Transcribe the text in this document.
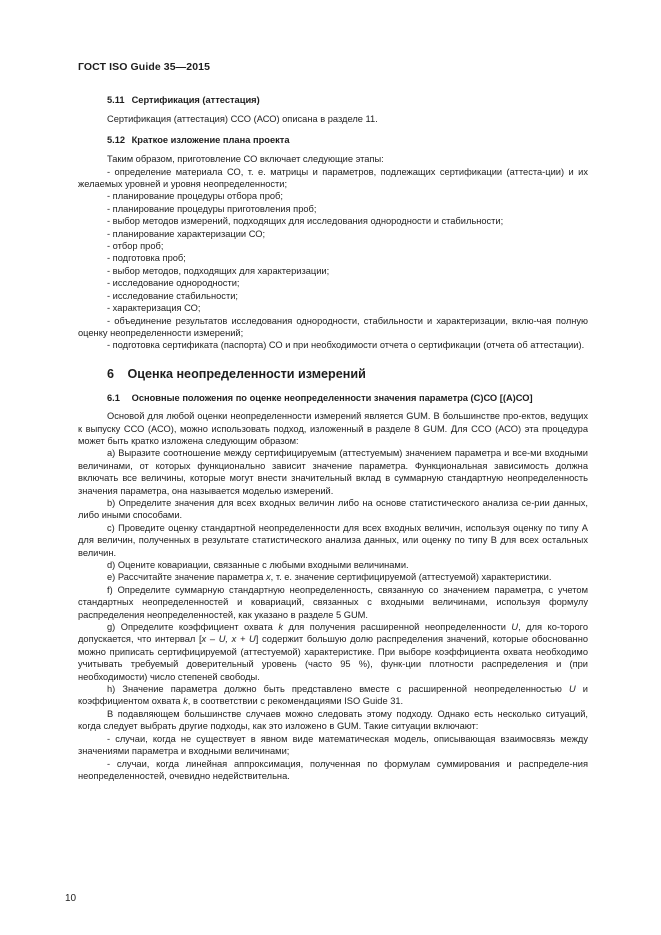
ГОСТ ISO Guide 35—2015

5.11 Сертификация (аттестация)

Сертификация (аттестация) ССО (АСО) описана в разделе 11.

5.12 Краткое изложение плана проекта

Таким образом, приготовление СО включает следующие этапы:

- определение материала СО, т. е. матрицы и параметров, подлежащих сертификации (аттеста-ции) и их желаемых уровней и уровня неопределенности;

- планирование процедуры отбора проб;

- планирование процедуры приготовления проб;

- выбор методов измерений, подходящих для исследования однородности и стабильности;

- планирование характеризации СО;

- отбор проб;

- подготовка проб;

- выбор методов, подходящих для характеризации;

- исследование однородности;

- исследование стабильности;

- характеризация СО;

- объединение результатов исследования однородности, стабильности и характеризации, вклю-чая полную оценку неопределенности измерений;

- подготовка сертификата (паспорта) СО и при необходимости отчета о сертификации (отчета об аттестации).

6 Оценка неопределенности измерений

6.1 Основные положения по оценке неопределенности значения параметра (С)СО [(А)СО]

Основой для любой оценки неопределенности измерений является GUM. В большинстве про-ектов, ведущих к выпуску ССО (АСО), можно использовать подход, изложенный в разделе 8 GUM. Для ССО (АСО) эта процедура может быть кратко изложена следующим образом:

а) Выразите соотношение между сертифицируемым (аттестуемым) значением параметра и все-ми входными величинами, от которых функционально зависит значение параметра. Функциональная зависимость должна включать все величины, которые могут внести значительный вклад в суммарную стандартную неопределенность значения параметра, она называется моделью измерений.

b) Определите значения для всех входных величин либо на основе статистического анализа се-рии данных, либо иными способами.

с) Проведите оценку стандартной неопределенности для всех входных величин, используя оценку по типу А для величин, полученных в результате статистического анализа данных, или оценку по типу В для всех остальных величин.

d) Оцените ковариации, связанные с любыми входными величинами.

е) Рассчитайте значение параметра x, т. е. значение сертифицируемой (аттестуемой) характеристики.

f) Определите суммарную стандартную неопределенность, связанную со значением параметра, с учетом стандартных неопределенностей и ковариаций, связанных с входными величинами, используя формулу распределения неопределенностей, как указано в разделе 5 GUM.

g) Определите коэффициент охвата k для получения расширенной неопределенности U, для ко-торого допускается, что интервал [x – U, x + U] содержит большую долю распределения значений, которые обоснованно можно приписать сертифицируемой (аттестуемой) характеристике. При выборе коэффициента охвата необходимо учитывать требуемый доверительный уровень (часто 95 %), функ-ции плотности распределения и (при необходимости) число степеней свободы.

h) Значение параметра должно быть представлено вместе с расширенной неопределенностью U и коэффициентом охвата k, в соответствии с рекомендациями ISO Guide 31.

В подавляющем большинстве случаев можно следовать этому подходу. Однако есть несколько ситуаций, когда следует выбрать другие подходы, как это изложено в GUM. Такие ситуации включают:

- случаи, когда не существует в явном виде математическая модель, описывающая взаимосвязь между значениями параметра и входными величинами;

- случаи, когда линейная аппроксимация, полученная по формулам суммирования и распределе-ния неопределенностей, очевидно недействительна.

10
